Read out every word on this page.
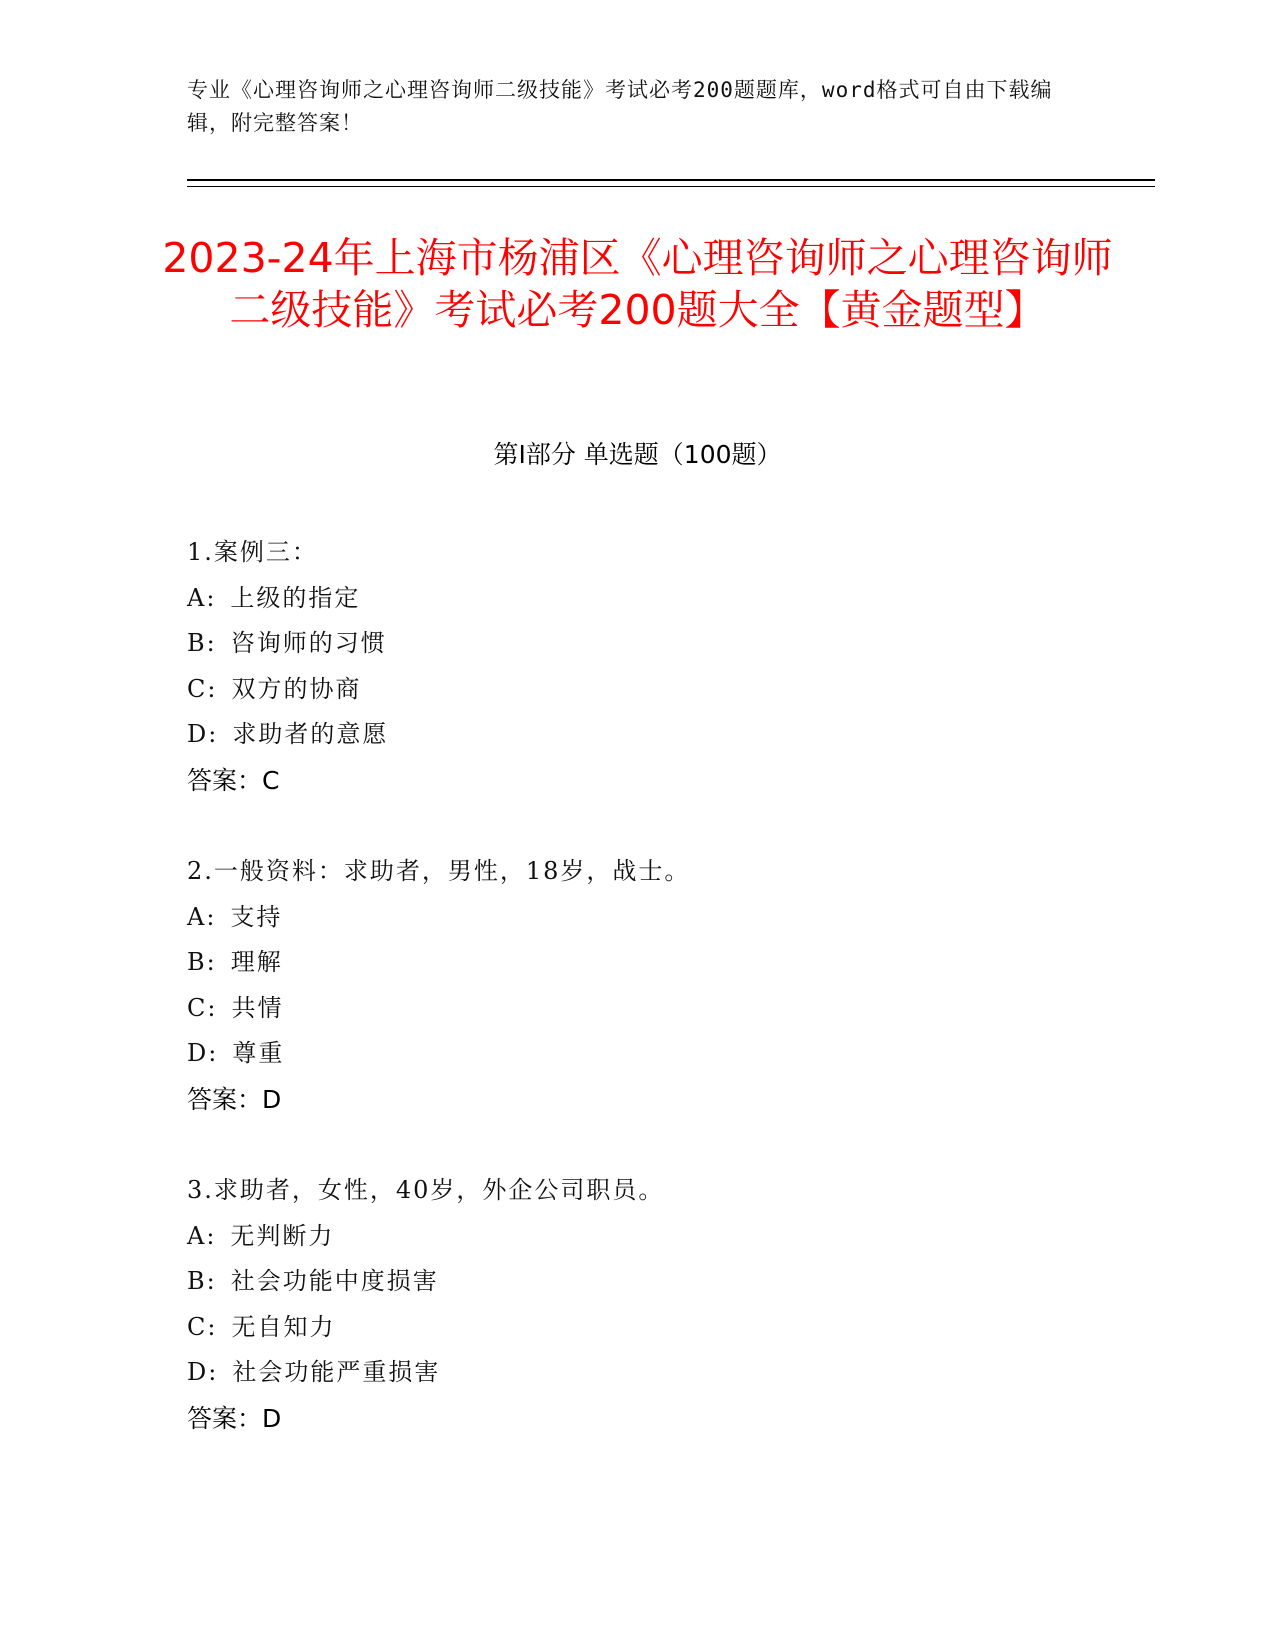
专业《心理咨询师之心理咨询师二级技能》考试必考200题题库，word格式可自由下载编辑，附完整答案！
2023-24年上海市杨浦区《心理咨询师之心理咨询师二级技能》考试必考200题大全【黄金题型】
第I部分 单选题（100题）
1.案例三：
A: 上级的指定
B: 咨询师的习惯
C: 双方的协商
D: 求助者的意愿
答案：C
2.一般资料：求助者，男性，18岁，战士。
A: 支持
B: 理解
C: 共情
D: 尊重
答案：D
3.求助者，女性，40岁，外企公司职员。
A: 无判断力
B: 社会功能中度损害
C: 无自知力
D: 社会功能严重损害
答案：D
